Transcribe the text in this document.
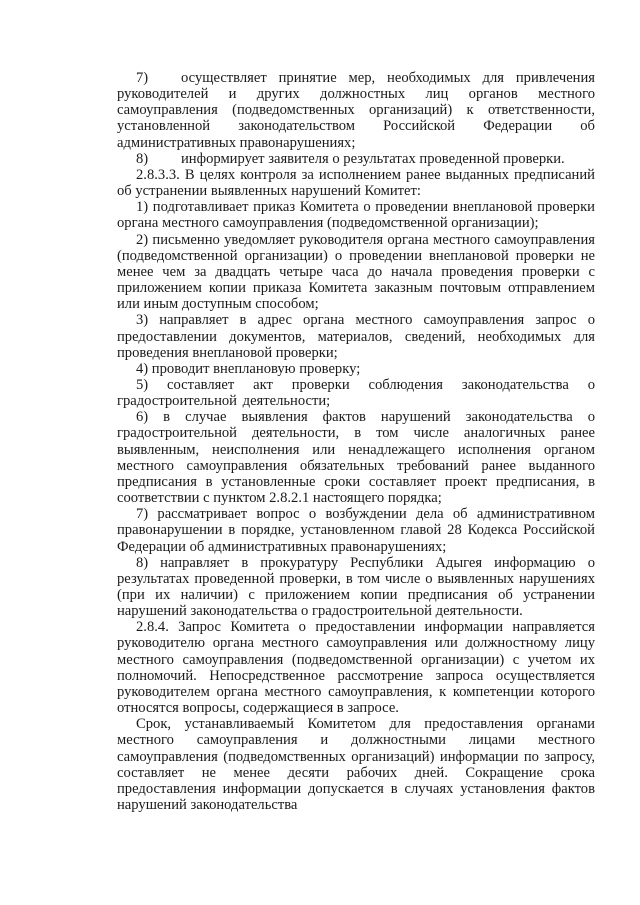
7) осуществляет принятие мер, необходимых для привлечения руководителей и других должностных лиц органов местного самоуправления (подведомственных организаций) к ответственности, установленной законодательством Российской Федерации об административных правонарушениях;

8) информирует заявителя о результатах проведенной проверки.

2.8.3.3. В целях контроля за исполнением ранее выданных предписаний об устранении выявленных нарушений Комитет:

1) подготавливает приказ Комитета о проведении внеплановой проверки органа местного самоуправления (подведомственной организации);

2) письменно уведомляет руководителя органа местного самоуправления (подведомственной организации) о проведении внеплановой проверки не менее чем за двадцать четыре часа до начала проведения проверки с приложением копии приказа Комитета заказным почтовым отправлением или иным доступным способом;

3) направляет в адрес органа местного самоуправления запрос о предоставлении документов, материалов, сведений, необходимых для проведения внеплановой проверки;

4) проводит внеплановую проверку;

5) составляет акт проверки соблюдения законодательства о градостроительной деятельности;

6) в случае выявления фактов нарушений законодательства о градостроительной деятельности, в том числе аналогичных ранее выявленным, неисполнения или ненадлежащего исполнения органом местного самоуправления обязательных требований ранее выданного предписания в установленные сроки составляет проект предписания, в соответствии с пунктом 2.8.2.1 настоящего порядка;

7) рассматривает вопрос о возбуждении дела об административном правонарушении в порядке, установленном главой 28 Кодекса Российской Федерации об административных правонарушениях;

8) направляет в прокуратуру Республики Адыгея информацию о результатах проведенной проверки, в том числе о выявленных нарушениях (при их наличии) с приложением копии предписания об устранении нарушений законодательства о градостроительной деятельности.

2.8.4. Запрос Комитета о предоставлении информации направляется руководителю органа местного самоуправления или должностному лицу местного самоуправления (подведомственной организации) с учетом их полномочий. Непосредственное рассмотрение запроса осуществляется руководителем органа местного самоуправления, к компетенции которого относятся вопросы, содержащиеся в запросе.

Срок, устанавливаемый Комитетом для предоставления органами местного самоуправления и должностными лицами местного самоуправления (подведомственных организаций) информации по запросу, составляет не менее десяти рабочих дней. Сокращение срока предоставления информации допускается в случаях установления фактов нарушений законодательства
